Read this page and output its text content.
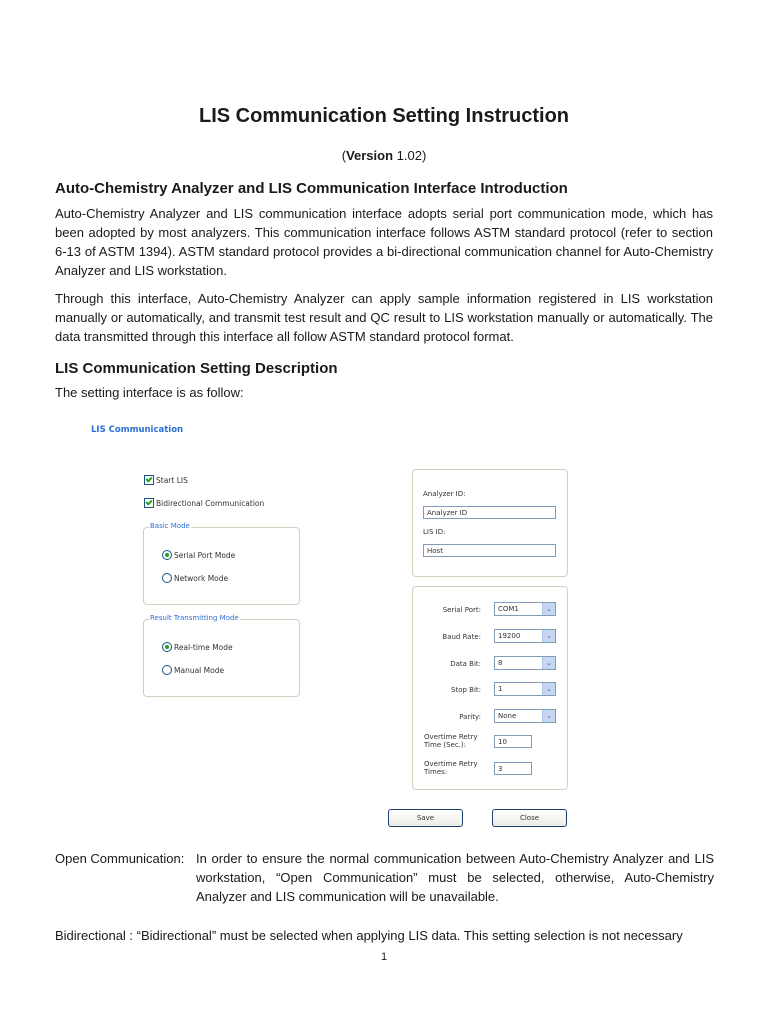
LIS Communication Setting Instruction
(Version 1.02)
Auto-Chemistry Analyzer and LIS Communication Interface Introduction
Auto-Chemistry Analyzer and LIS communication interface adopts serial port communication mode, which has been adopted by most analyzers. This communication interface follows ASTM standard protocol (refer to section 6-13 of ASTM 1394). ASTM standard protocol provides a bi-directional communication channel for Auto-Chemistry Analyzer and LIS workstation.
Through this interface, Auto-Chemistry Analyzer can apply sample information registered in LIS workstation manually or automatically, and transmit test result and QC result to LIS workstation manually or automatically. The data transmitted through this interface all follow ASTM standard protocol format.
LIS Communication Setting Description
The setting interface is as follow:
LIS Communication
Start LIS
Bidirectional Communication
Basic Mode
Serial Port Mode
Network Mode
Result Transmitting Mode
Real-time Mode
Manual Mode
Analyzer ID:
Analyzer ID
LIS ID:
Host
Serial Port:	COM1	⌄
Baud Rate:	19200	⌄
Data Bit:	8	⌄
Stop Bit:	1	⌄
Parity:	None	⌄
Overtime Retry Time (Sec.):	10
Overtime Retry Times:	3
Save	Close
Open Communication: In order to ensure the normal communication between Auto-Chemistry Analyzer and LIS workstation, “Open Communication” must be selected, otherwise, Auto-Chemistry Analyzer and LIS communication will be unavailable.
Bidirectional : “Bidirectional” must be selected when applying LIS data. This setting selection is not necessary
1
